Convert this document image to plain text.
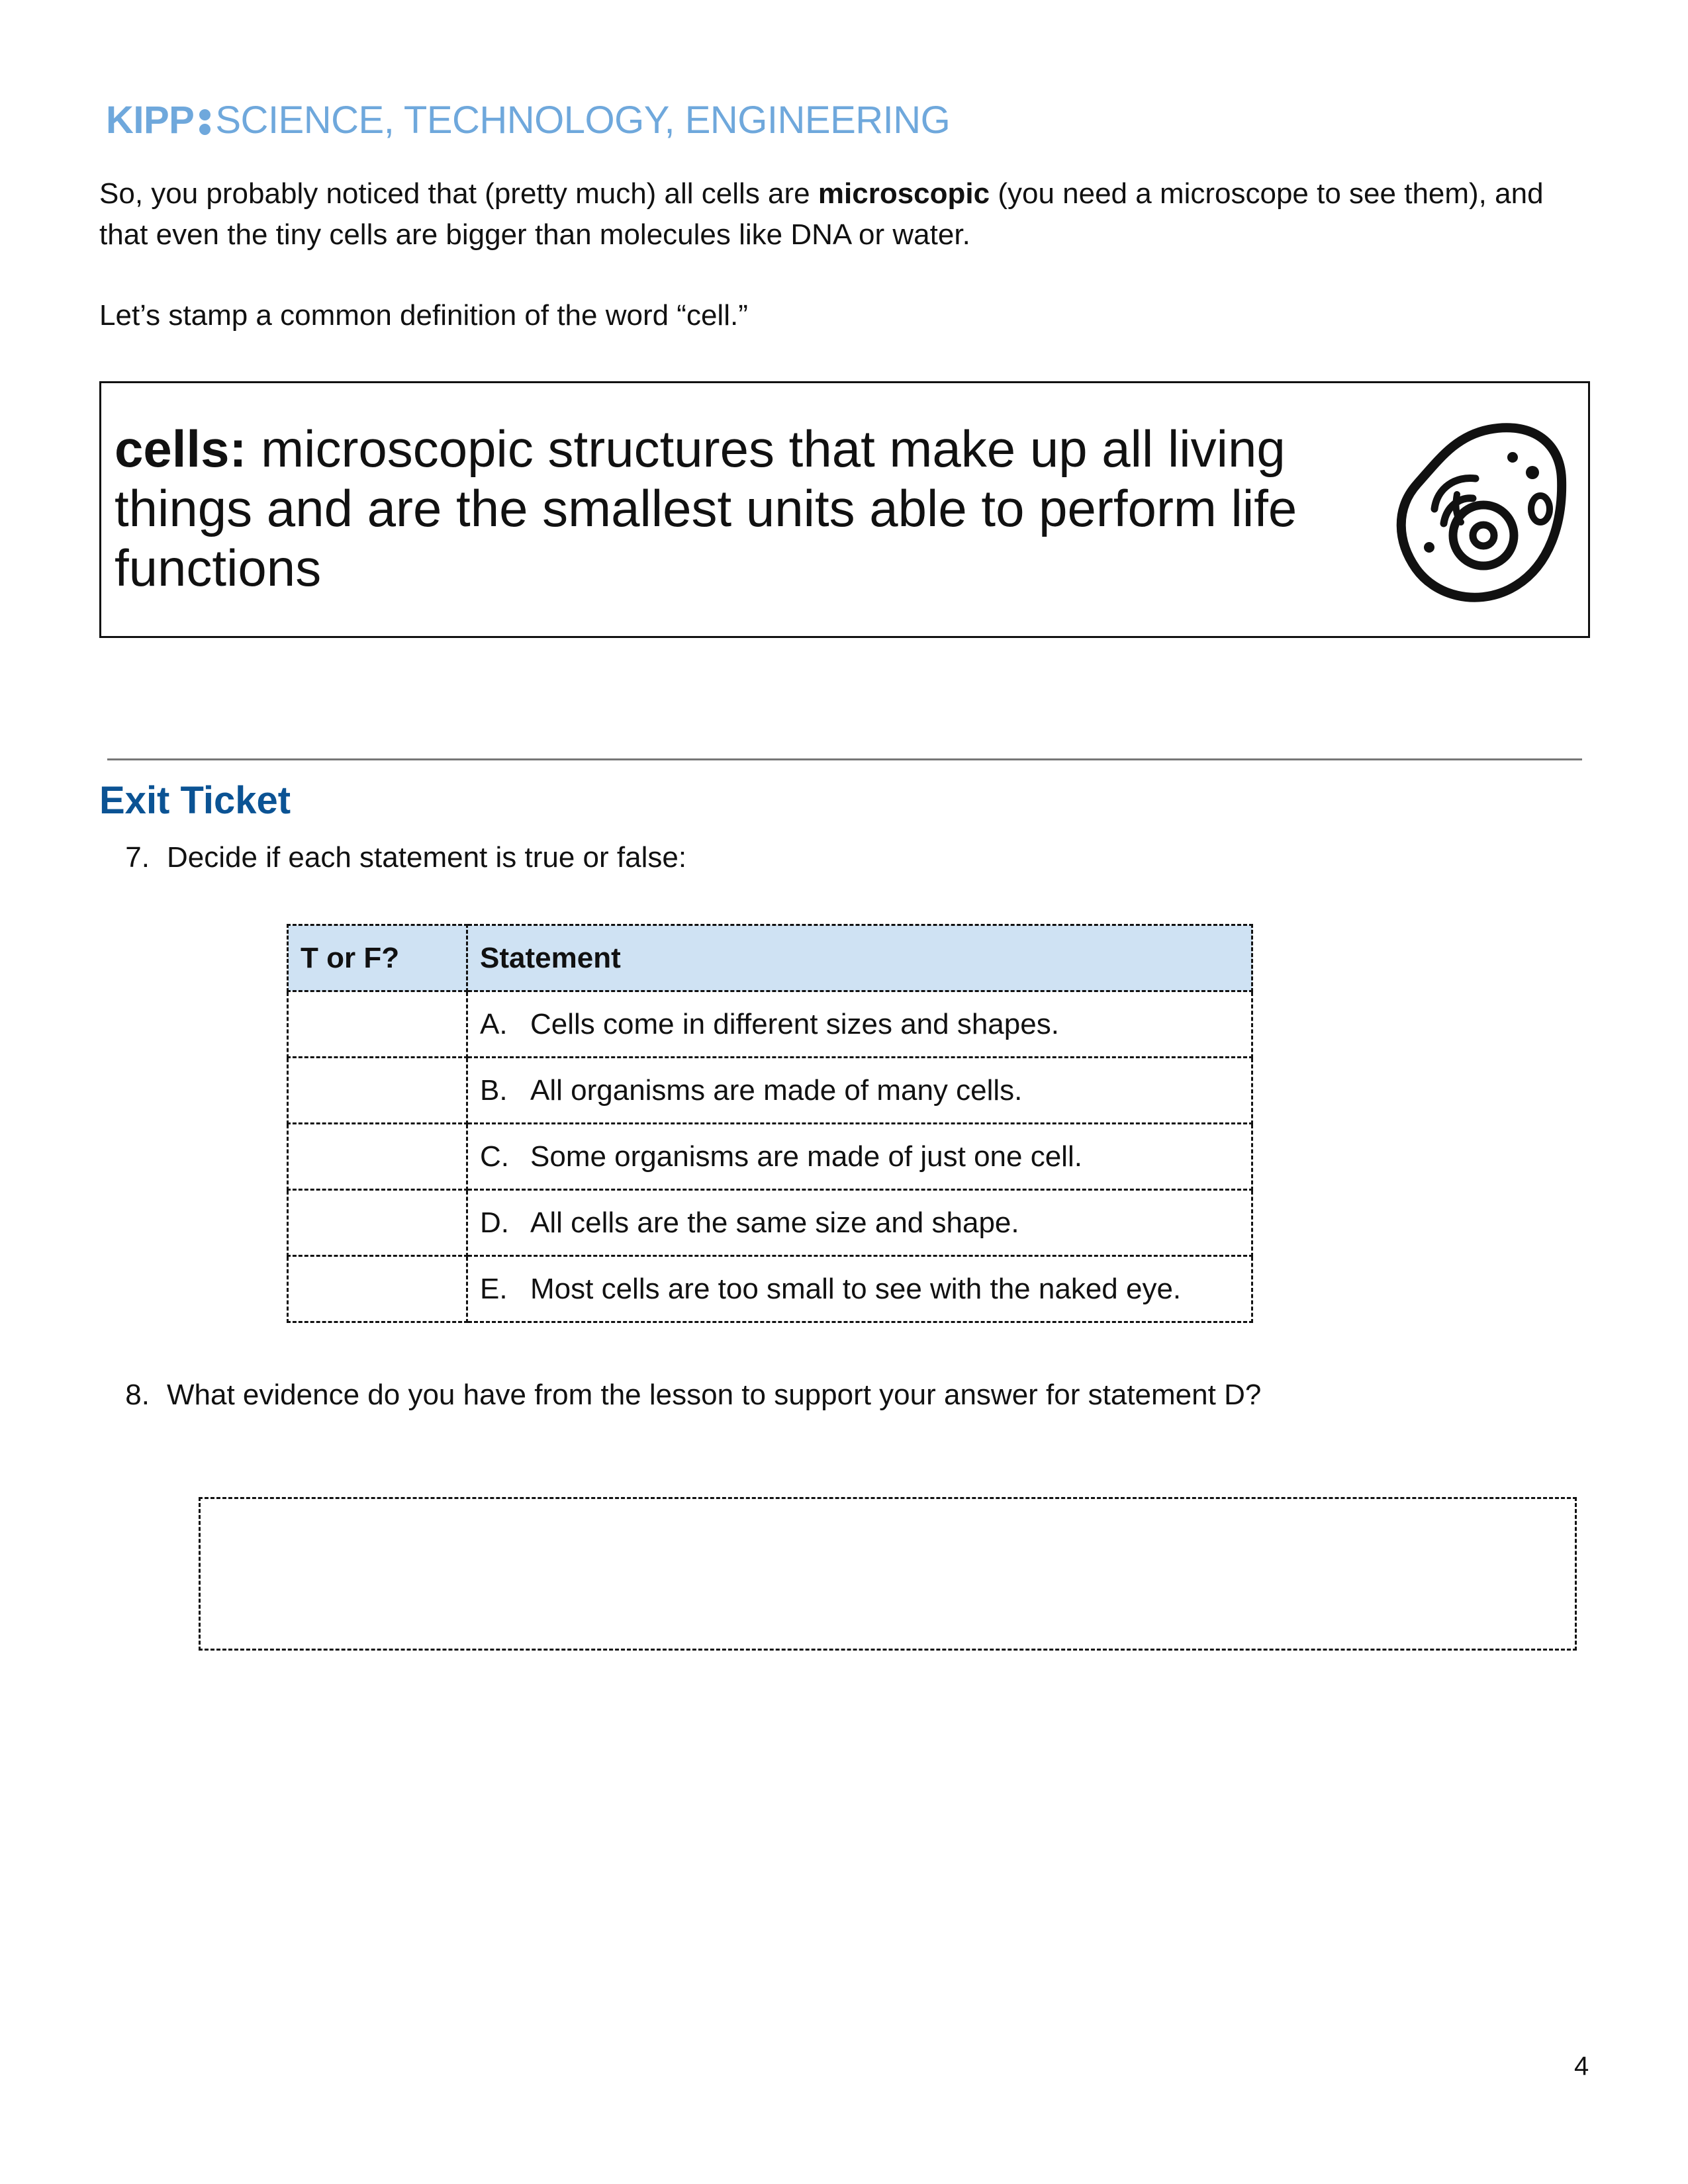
KIPP SCIENCE, TECHNOLOGY, ENGINEERING
So, you probably noticed that (pretty much) all cells are microscopic (you need a microscope to see them), and that even the tiny cells are bigger than molecules like DNA or water.
Let’s stamp a common definition of the word “cell.”
cells: microscopic structures that make up all living things and are the smallest units able to perform life functions
Exit Ticket
7. Decide if each statement is true or false:
T or F?	Statement
	A. Cells come in different sizes and shapes.
	B. All organisms are made of many cells.
	C. Some organisms are made of just one cell.
	D. All cells are the same size and shape.
	E. Most cells are too small to see with the naked eye.
8. What evidence do you have from the lesson to support your answer for statement D?
4
